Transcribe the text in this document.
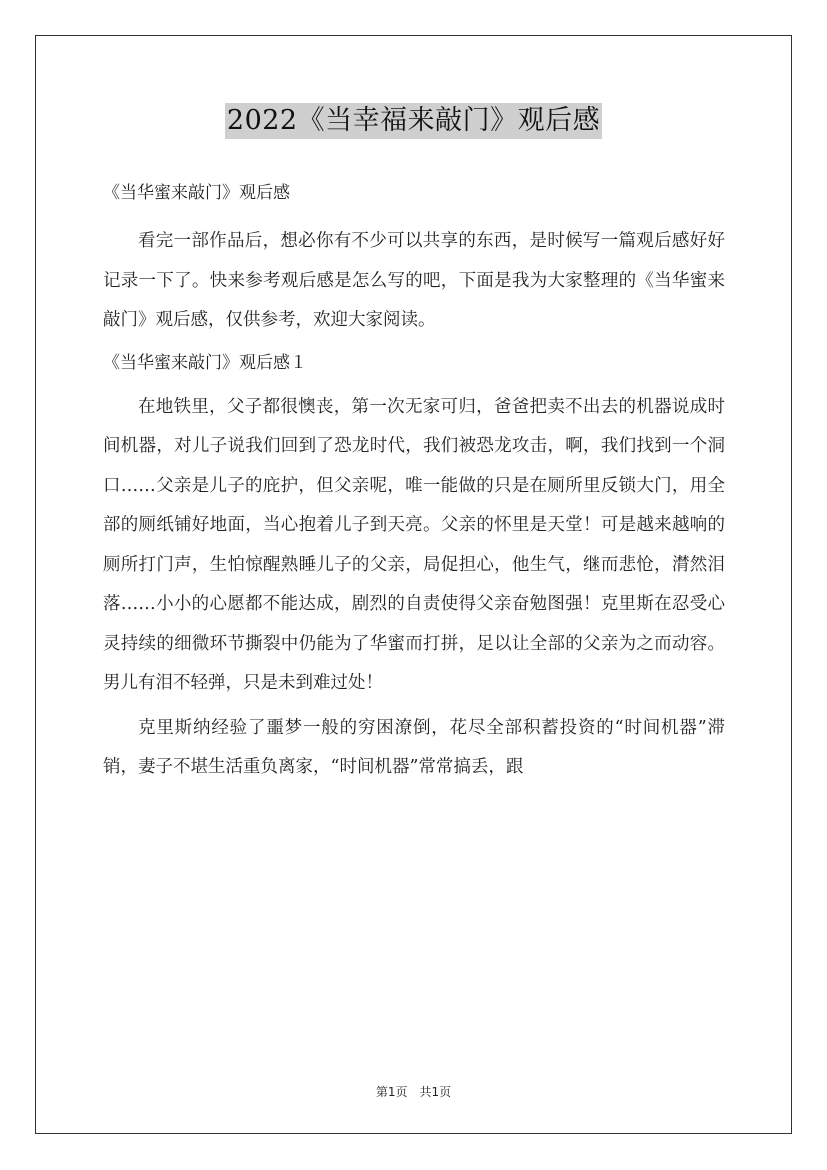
2022《当幸福来敲门》观后感

《当华蜜来敲门》观后感

看完一部作品后，想必你有不少可以共享的东西，是时候写一篇观后感好好记录一下了。快来参考观后感是怎么写的吧，下面是我为大家整理的《当华蜜来敲门》观后感，仅供参考，欢迎大家阅读。

《当华蜜来敲门》观后感１

在地铁里，父子都很懊丧，第一次无家可归，爸爸把卖不出去的机器说成时间机器，对儿子说我们回到了恐龙时代，我们被恐龙攻击，啊，我们找到一个洞口……父亲是儿子的庇护，但父亲呢，唯一能做的只是在厕所里反锁大门，用全部的厕纸铺好地面，当心抱着儿子到天亮。父亲的怀里是天堂！可是越来越响的厕所打门声，生怕惊醒熟睡儿子的父亲，局促担心，他生气，继而悲怆，潸然泪落……小小的心愿都不能达成，剧烈的自责使得父亲奋勉图强！克里斯在忍受心灵持续的细微环节撕裂中仍能为了华蜜而打拼，足以让全部的父亲为之而动容。男儿有泪不轻弹，只是未到难过处！

克里斯纳经验了噩梦一般的穷困潦倒，花尽全部积蓄投资的“时间机器”滞销，妻子不堪生活重负离家，“时间机器”常常搞丢，跟

第1页　共1页
